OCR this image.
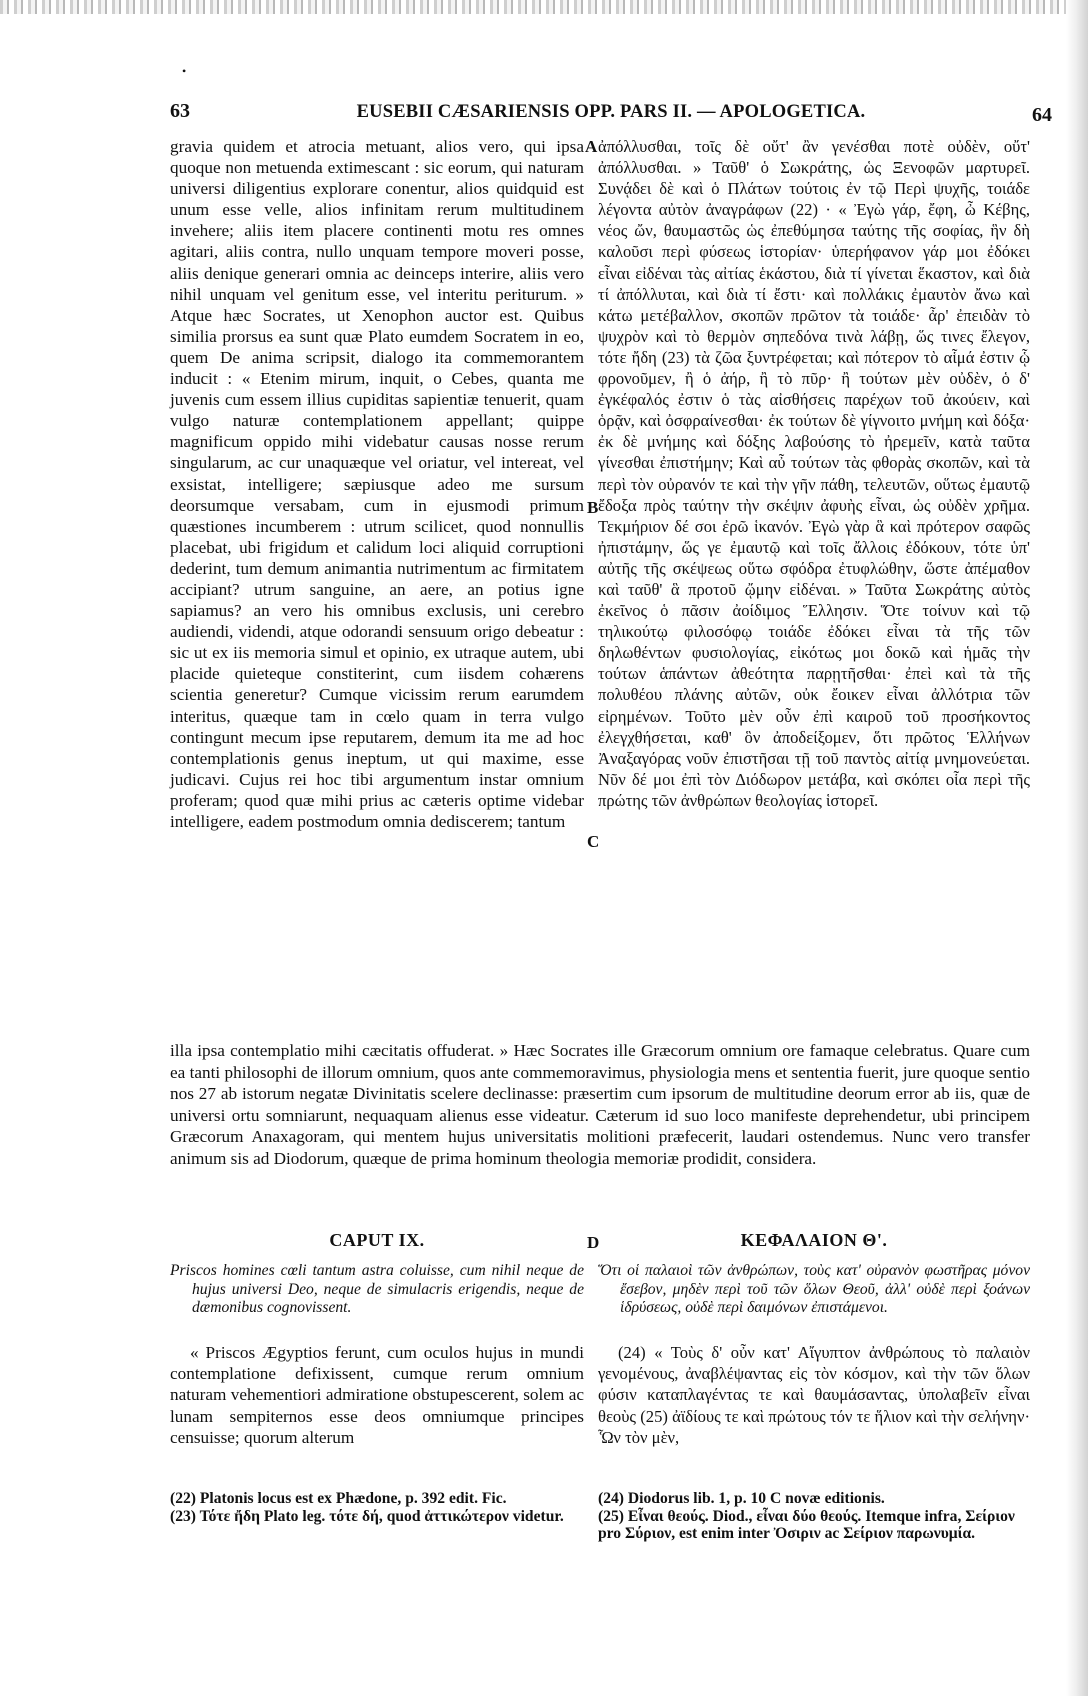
•
63	EUSEBII CÆSARIENSIS OPP. PARS II. — APOLOGETICA.	64

gravia quidem et atrocia metuant, alios vero, qui ipsa quoque non metuenda extimescant : sic eorum, qui naturam universi diligentius explorare conentur, alios quidquid est unum esse velle, alios infinitam rerum multitudinem invehere; aliis item placere continenti motu res omnes agitari, aliis contra, nullo unquam tempore moveri posse, aliis denique generari omnia ac deinceps interire, aliis vero nihil unquam vel genitum esse, vel interitu periturum. » Atque hæc Socrates, ut Xenophon auctor est. Quibus similia prorsus ea sunt quæ Plato eumdem Socratem in eo, quem De anima scripsit, dialogo ita commemorantem inducit : « Etenim mirum, inquit, o Cebes, quanta me juvenis cum essem illius cupiditas sapientiæ tenuerit, quam vulgo naturæ contemplationem appellant; quippe magnificum oppido mihi videbatur causas nosse rerum singularum, ac cur unaquæque vel oriatur, vel intereat, vel exsistat, intelligere; sæpiusque adeo me sursum deorsumque versabam, cum in ejusmodi primum quæstiones incumberem : utrum scilicet, quod nonnullis placebat, ubi frigidum et calidum loci aliquid corruptioni dederint, tum demum animantia nutrimentum ac firmitatem accipiant? utrum sanguine, an aere, an potius igne sapiamus? an vero his omnibus exclusis, uni cerebro audiendi, videndi, atque odorandi sensuum origo debeatur : sic ut ex iis memoria simul et opinio, ex utraque autem, ubi placide quieteque constiterint, cum iisdem cohærens scientia generetur? Cumque vicissim rerum earumdem interitus, quæque tam in cœlo quam in terra vulgo contingunt mecum ipse reputarem, demum ita me ad hoc contemplationis genus ineptum, ut qui maxime, esse judicavi. Cujus rei hoc tibi argumentum instar omnium proferam; quod quæ mihi prius ac cæteris optime videbar intelligere, eadem postmodum omnia dediscerem; tantum

ἀπόλλυσθαι, τοῖς δὲ οὔτ' ἂν γενέσθαι ποτὲ οὐδὲν, οὔτ' ἀπόλλυσθαι. » Ταῦθ' ὁ Σωκράτης, ὡς Ξενοφῶν μαρτυρεῖ. Συνᾴδει δὲ καὶ ὁ Πλάτων τούτοις ἐν τῷ Περὶ ψυχῆς, τοιάδε λέγοντα αὐτὸν ἀναγράφων (22) · « Ἐγὼ γάρ, ἔφη, ὦ Κέβης, νέος ὤν, θαυμαστῶς ὡς ἐπεθύμησα ταύτης τῆς σοφίας, ἣν δὴ καλοῦσι περὶ φύσεως ἱστορίαν· ὑπερήφανον γάρ μοι ἐδόκει εἶναι εἰδέναι τὰς αἰτίας ἑκάστου, διὰ τί γίνεται ἕκαστον, καὶ διὰ τί ἀπόλλυται, καὶ διὰ τί ἔστι· καὶ πολλάκις ἐμαυτὸν ἄνω καὶ κάτω μετέβαλλον, σκοπῶν πρῶτον τὰ τοιάδε· ἆρ' ἐπειδὰν τὸ ψυχρὸν καὶ τὸ θερμὸν σηπεδόνα τινὰ λάβῃ, ὥς τινες ἔλεγον, τότε ἤδη (23) τὰ ζῶα ξυντρέφεται; καὶ πότερον τὸ αἷμά ἐστιν ᾧ φρονοῦμεν, ἢ ὁ ἀήρ, ἢ τὸ πῦρ· ἢ τούτων μὲν οὐδὲν, ὁ δ' ἐγκέφαλός ἐστιν ὁ τὰς αἰσθήσεις παρέχων τοῦ ἀκούειν, καὶ ὁρᾷν, καὶ ὀσφραίνεσθαι· ἐκ τούτων δὲ γίγνοιτο μνήμη καὶ δόξα· ἐκ δὲ μνήμης καὶ δόξης λαβούσης τὸ ἠρεμεῖν, κατὰ ταῦτα γίνεσθαι ἐπιστήμην; Καὶ αὖ τούτων τὰς φθορὰς σκοπῶν, καὶ τὰ περὶ τὸν οὐρανόν τε καὶ τὴν γῆν πάθη, τελευτῶν, οὕτως ἐμαυτῷ ἔδοξα πρὸς ταύτην τὴν σκέψιν ἀφυὴς εἶναι, ὡς οὐδὲν χρῆμα. Τεκμήριον δέ σοι ἐρῶ ἱκανόν. Ἐγὼ γὰρ ἃ καὶ πρότερον σαφῶς ἠπιστάμην, ὥς γε ἐμαυτῷ καὶ τοῖς ἄλλοις ἐδόκουν, τότε ὑπ' αὐτῆς τῆς σκέψεως οὕτω σφόδρα ἐτυφλώθην, ὥστε ἀπέμαθον καὶ ταῦθ' ἃ προτοῦ ᾤμην εἰδέναι. » Ταῦτα Σωκράτης αὐτὸς ἐκεῖνος ὁ πᾶσιν ἀοίδιμος Ἕλλησιν. Ὅτε τοίνυν καὶ τῷ τηλικούτῳ φιλοσόφῳ τοιάδε ἐδόκει εἶναι τὰ τῆς τῶν δηλωθέντων φυσιολογίας, εἰκότως μοι δοκῶ καὶ ἡμᾶς τὴν τούτων ἁπάντων ἀθεότητα παρῃτῆσθαι· ἐπεὶ καὶ τὰ τῆς πολυθέου πλάνης αὐτῶν, οὐκ ἔοικεν εἶναι ἀλλότρια τῶν εἰρημένων. Τοῦτο μὲν οὖν ἐπὶ καιροῦ τοῦ προσήκοντος ἐλεγχθήσεται, καθ' ὃν ἀποδείξομεν, ὅτι πρῶτος Ἑλλήνων Ἀναξαγόρας νοῦν ἐπιστῆσαι τῇ τοῦ παντὸς αἰτίᾳ μνημονεύεται. Νῦν δέ μοι ἐπὶ τὸν Διόδωρον μετάβα, καὶ σκόπει οἷα περὶ τῆς πρώτης τῶν ἀνθρώπων θεολογίας ἱστορεῖ.

A
B
C
D

illa ipsa contemplatio mihi cæcitatis offuderat. » Hæc Socrates ille Græcorum omnium ore famaque celebratus. Quare cum ea tanti philosophi de illorum omnium, quos ante commemoravimus, physiologia mens et sententia fuerit, jure quoque sentio nos 27 ab istorum negatæ Divinitatis scelere declinasse: præsertim cum ipsorum de multitudine deorum error ab iis, quæ de universi ortu somniarunt, nequaquam alienus esse videatur. Cæterum id suo loco manifeste deprehendetur, ubi principem Græcorum Anaxagoram, qui mentem hujus universitatis molitioni præfecerit, laudari ostendemus. Nunc vero transfer animum sis ad Diodorum, quæque de prima hominum theologia memoriæ prodidit, considera.

CAPUT IX.	ΚΕΦΑΛΑΙΟΝ Θ'.

Priscos homines cœli tantum astra coluisse, cum nihil neque de hujus universi Deo, neque de simulacris erigendis, neque de dæmonibus cognovissent.

Ὅτι οἱ παλαιοὶ τῶν ἀνθρώπων, τοὺς κατ' οὐρανὸν φωστῆρας μόνον ἔσεβον, μηδὲν περὶ τοῦ τῶν ὅλων Θεοῦ, ἀλλ' οὐδὲ περὶ ξοάνων ἱδρύσεως, οὐδὲ περὶ δαιμόνων ἐπιστάμενοι.

« Priscos Ægyptios ferunt, cum oculos hujus in mundi contemplatione defixissent, cumque rerum omnium naturam vehementiori admiratione obstupescerent, solem ac lunam sempiternos esse deos omniumque principes censuisse; quorum alterum

(24) « Τοὺς δ' οὖν κατ' Αἴγυπτον ἀνθρώπους τὸ παλαιὸν γενομένους, ἀναβλέψαντας εἰς τὸν κόσμον, καὶ τὴν τῶν ὅλων φύσιν καταπλαγέντας τε καὶ θαυμάσαντας, ὑπολαβεῖν εἶναι θεοὺς (25) ἀϊδίους τε καὶ πρώτους τόν τε ἥλιον καὶ τὴν σελήνην· Ὧν τὸν μὲν,

(22) Platonis locus est ex Phædone, p. 392 edit. Fic.

(23) Τότε ἤδη Plato leg. τότε δή, quod ἀττικώτερον videtur.

(24) Diodorus lib. 1, p. 10 C novæ editionis.

(25) Εἶναι θεούς. Diod., εἶναι δύο θεούς. Itemque infra, Σείριον pro Σύριον, est enim inter Ὀσιριν ac Σείριον παρωνυμία.
